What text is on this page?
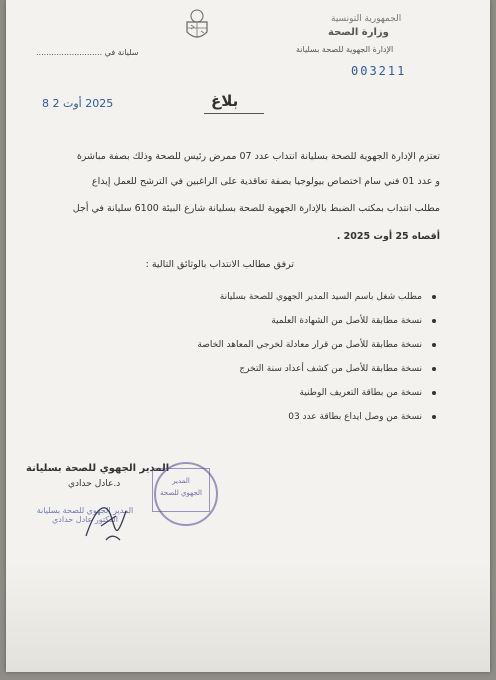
الجمهورية التونسية
وزارة الصحة
الإدارة الجهوية للصحة بسليانة
003211
سليانة في ..........................
2025 أوت 2 8	بلاغ
تعتزم الإدارة الجهوية للصحة بسليانة انتداب عدد 07 ممرض رئيس للصحة وذلك بصفة مباشرة
و عدد 01 فني سام اختصاص بيولوجيا بصفة تعاقدية على الراغبين في الترشح للعمل إيداع
مطلب انتداب بمكتب الضبط بالإدارة الجهوية للصحة بسليانة شارع البيئة 6100 سليانة في أجل
أقصاه 25 أوت 2025 .
ترفق مطالب الانتداب بالوثائق التالية :
مطلب شغل باسم السيد المدير الجهوي للصحة بسليانة
نسخة مطابقة للأصل من الشهادة العلمية
نسخة مطابقة للأصل من قرار معادلة لخرجي المعاهد الخاصة
نسخة مطابقة للأصل من كشف أعداد سنة التخرج
نسخة من بطاقة التعريف الوطنية
نسخة من وصل ايداع بطاقة عدد 03
المدير الجهوي للصحة بسليانة
د.عادل حدادي	المدير
الجهوي للصحة
المدير الجهوي للصحة بسليانة
الدكتور عادل حدادي
